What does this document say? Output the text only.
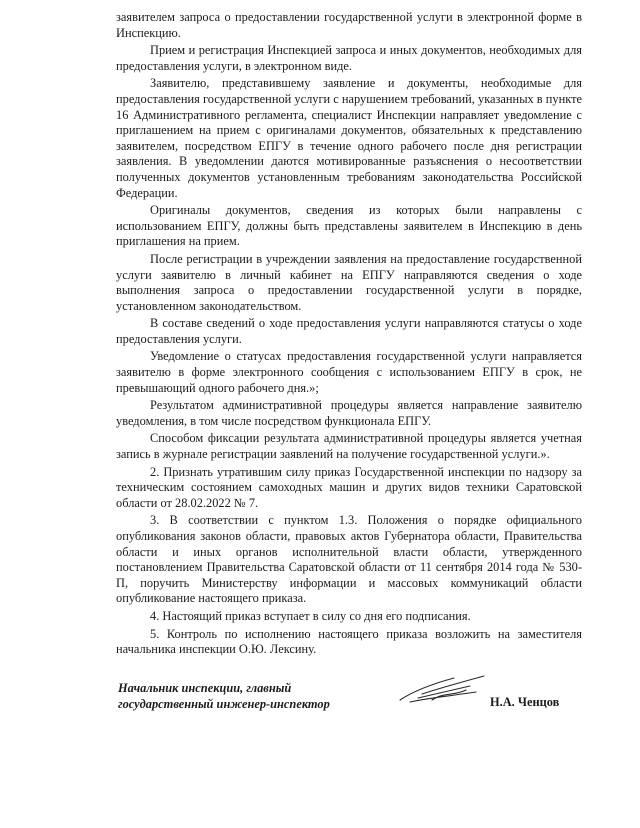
заявителем запроса о предоставлении государственной услуги в электронной форме в Инспекцию.

Прием и регистрация Инспекцией запроса и иных документов, необходимых для предоставления услуги, в электронном виде.

Заявителю, представившему заявление и документы, необходимые для предоставления государственной услуги с нарушением требований, указанных в пункте 16 Административного регламента, специалист Инспекции направляет уведомление с приглашением на прием с оригиналами документов, обязательных к представлению заявителем, посредством ЕПГУ в течение одного рабочего после дня регистрации заявления. В уведомлении даются мотивированные разъяснения о несоответствии полученных документов установленным требованиям законодательства Российской Федерации.

Оригиналы документов, сведения из которых были направлены с использованием ЕПГУ, должны быть представлены заявителем в Инспекцию в день приглашения на прием.

После регистрации в учреждении заявления на предоставление государственной услуги заявителю в личный кабинет на ЕПГУ направляются сведения о ходе выполнения запроса о предоставлении государственной услуги в порядке, установленном законодательством.

В составе сведений о ходе предоставления услуги направляются статусы о ходе предоставления услуги.

Уведомление о статусах предоставления государственной услуги направляется заявителю в форме электронного сообщения с использованием ЕПГУ в срок, не превышающий одного рабочего дня.»;

Результатом административной процедуры является направление заявителю уведомления, в том числе посредством функционала ЕПГУ.

Способом фиксации результата административной процедуры является учетная запись в журнале регистрации заявлений на получение государственной услуги.».

2. Признать утратившим силу приказ Государственной инспекции по надзору за техническим состоянием самоходных машин и других видов техники Саратовской области от 28.02.2022 № 7.

3. В соответствии с пунктом 1.3. Положения о порядке официального опубликования законов области, правовых актов Губернатора области, Правительства области и иных органов исполнительной власти области, утвержденного постановлением Правительства Саратовской области от 11 сентября 2014 года № 530-П, поручить Министерству информации и массовых коммуникаций области опубликование настоящего приказа.

4. Настоящий приказ вступает в силу со дня его подписания.

5. Контроль по исполнению настоящего приказа возложить на заместителя начальника инспекции О.Ю. Лексину.

Начальник инспекции, главный государственный инженер-инспектор	Н.А. Ченцов
